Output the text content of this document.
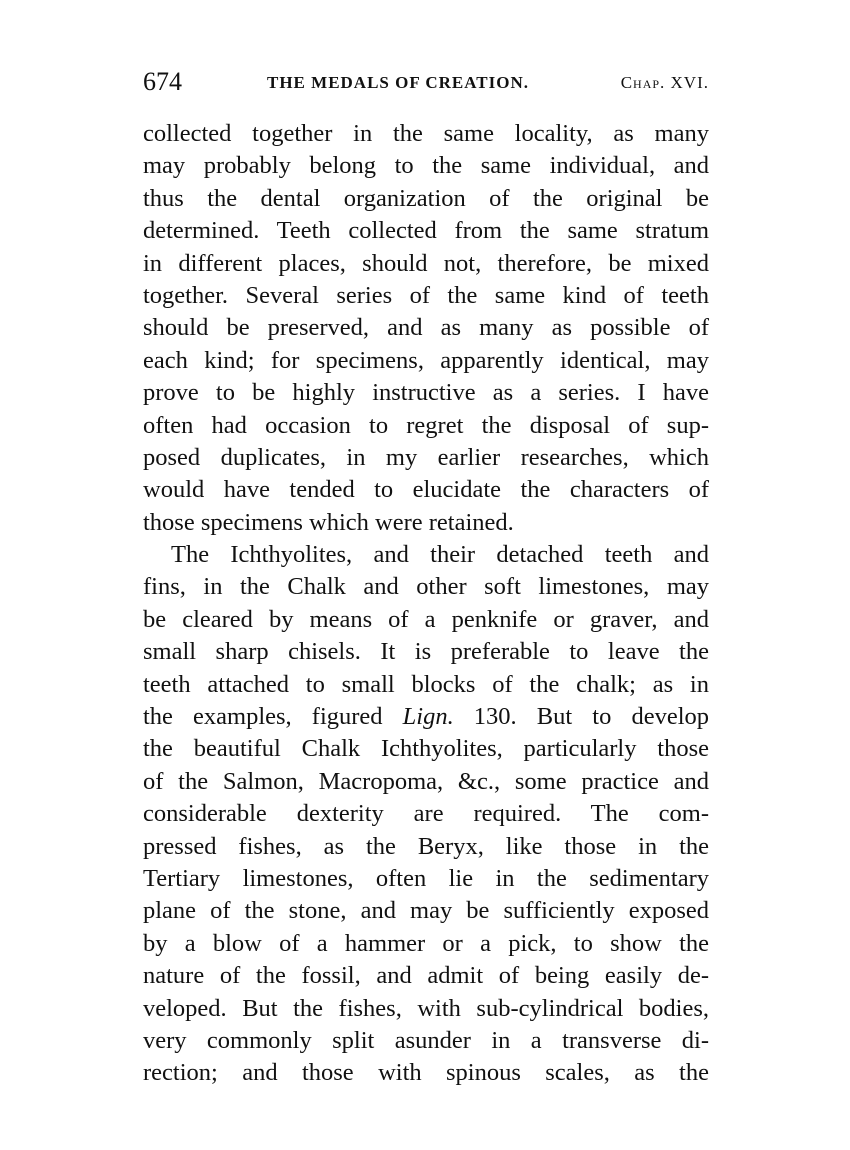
674	THE MEDALS OF CREATION.	Chap. XVI.
collected together in the same locality, as many
may probably belong to the same individual, and
thus the dental organization of the original be
determined. Teeth collected from the same stratum
in different places, should not, therefore, be mixed
together. Several series of the same kind of teeth
should be preserved, and as many as possible of
each kind; for specimens, apparently identical, may
prove to be highly instructive as a series. I have
often had occasion to regret the disposal of sup-
posed duplicates, in my earlier researches, which
would have tended to elucidate the characters of
those specimens which were retained.
The Ichthyolites, and their detached teeth and
fins, in the Chalk and other soft limestones, may
be cleared by means of a penknife or graver, and
small sharp chisels. It is preferable to leave the
teeth attached to small blocks of the chalk; as in
the examples, figured Lign. 130. But to develop
the beautiful Chalk Ichthyolites, particularly those
of the Salmon, Macropoma, &c., some practice and
considerable dexterity are required. The com-
pressed fishes, as the Beryx, like those in the
Tertiary limestones, often lie in the sedimentary
plane of the stone, and may be sufficiently exposed
by a blow of a hammer or a pick, to show the
nature of the fossil, and admit of being easily de-
veloped. But the fishes, with sub-cylindrical bodies,
very commonly split asunder in a transverse di-
rection; and those with spinous scales, as the
